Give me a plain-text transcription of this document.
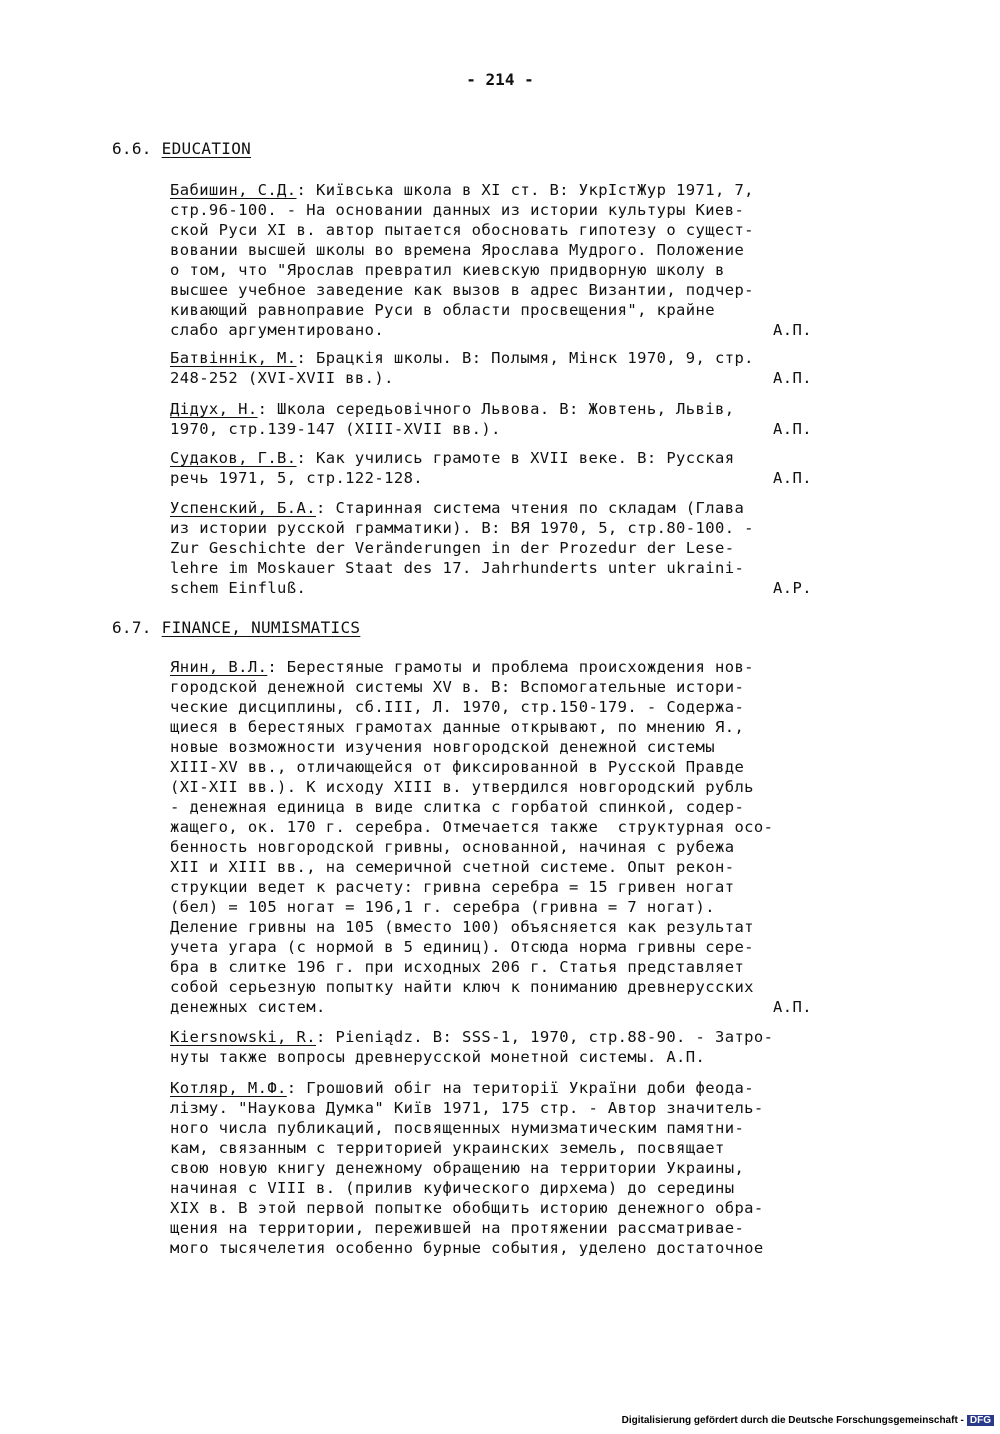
- 214 -
6.6. EDUCATION
Бабишин, С.Д.: Київська школа в XI ст. В: УкрІстЖур 1971, 7,
стр.96-100. - На основании данных из истории культуры Киев-
ской Руси XI в. автор пытается обосновать гипотезу о сущест-
вовании высшей школы во времена Ярослава Мудрого. Положение
о том, что "Ярослав превратил киевскую придворную школу в
высшее учебное заведение как вызов в адрес Византии, подчер-
кивающий равноправие Руси в области просвещения", крайне
слабо аргументировано.	А.П.
Батвіннік, М.: Брацкія школы. В: Полымя, Мінск 1970, 9, стр.
248-252 (XVI-XVII вв.).	А.П.
Дідух, Н.: Школа середьовічного Львова. В: Жовтень, Львів,
1970, стр.139-147 (XIII-XVII вв.).	А.П.
Судаков, Г.В.: Как учились грамоте в XVII веке. В: Русская
речь 1971, 5, стр.122-128.	А.П.
Успенский, Б.А.: Старинная система чтения по складам (Глава
из истории русской грамматики). В: ВЯ 1970, 5, стр.80-100. -
Zur Geschichte der Veränderungen in der Prozedur der Lese-
lehre im Moskauer Staat des 17. Jahrhunderts unter ukraini-
schem Einfluß.	А.Р.
6.7. FINANCE, NUMISMATICS
Янин, В.Л.: Берестяные грамоты и проблема происхождения нов-
городской денежной системы XV в. В: Вспомогательные истори-
ческие дисциплины, сб.III, Л. 1970, стр.150-179. - Содержа-
щиеся в берестяных грамотах данные открывают, по мнению Я.,
новые возможности изучения новгородской денежной системы
XIII-XV вв., отличающейся от фиксированной в Русской Правде
(XI-XII вв.). К исходу XIII в. утвердился новгородский рубль
- денежная единица в виде слитка с горбатой спинкой, содер-
жащего, ок. 170 г. серебра. Отмечается также  структурная осо-
бенность новгородской гривны, основанной, начиная с рубежа
XII и XIII вв., на семеричной счетной системе. Опыт рекон-
струкции ведет к расчету: гривна серебра = 15 гривен ногат
(бел) = 105 ногат = 196,1 г. серебра (гривна = 7 ногат).
Деление гривны на 105 (вместо 100) объясняется как результат
учета угара (с нормой в 5 единиц). Отсюда норма гривны сере-
бра в слитке 196 г. при исходных 206 г. Статья представляет
собой серьезную попытку найти ключ к пониманию древнерусских
денежных систем.	А.П.
Kiersnowski, R.: Pieniądz. В: SSS-1, 1970, стр.88-90. - Затро-
нуты также вопросы древнерусской монетной системы. А.П.
Котляр, М.Ф.: Грошовий обіг на території України доби феода-
лізму. "Наукова Думка" Київ 1971, 175 стр. - Автор значитель-
ного числа публикаций, посвященных нумизматическим памятни-
кам, связанным с территорией украинских земель, посвящает
свою новую книгу денежному обращению на территории Украины,
начиная с VIII в. (прилив куфического дирхема) до середины
XIX в. В этой первой попытке обобщить историю денежного обра-
щения на территории, пережившей на протяжении рассматривае-
мого тысячелетия особенно бурные события, уделено достаточное
Digitalisierung gefördert durch die Deutsche Forschungsgemeinschaft - DFG
